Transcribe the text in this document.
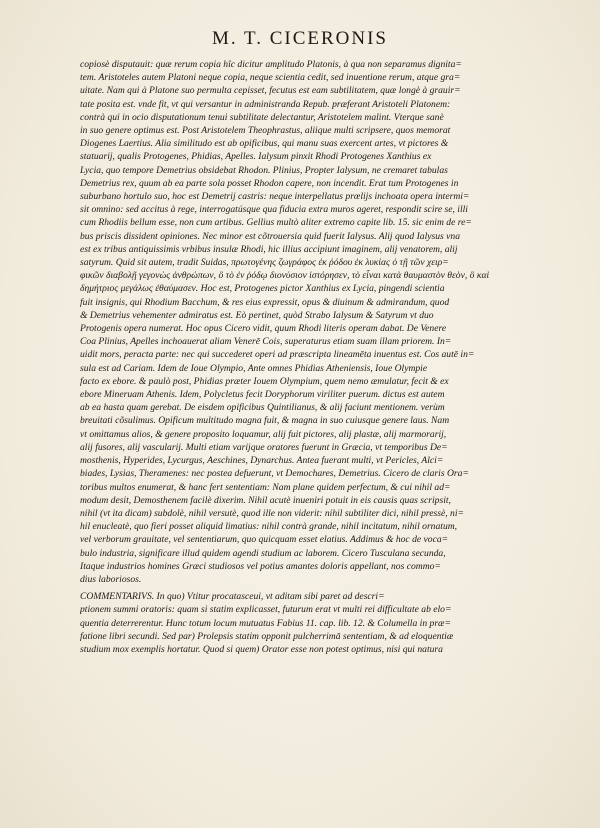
M. T. CICERONIS
copiosè disputauit: quæ rerum copia hîc dicitur amplitudo Platonis, à qua non separamus dignita=
tem. Aristoteles autem Platoni neque copia, neque scientia cedit, sed inuentione rerum, atque gra=
uitate. Nam qui à Platone suo permulta cepisset, fecutus est eam subtilitatem, quæ longè à grauir=
tate posita est. vnde fit, vt qui versantur in administranda Repub. præferant Aristoteli Platonem:
contrà qui in ocio disputationum tenui subtilitate delectantur, Aristotelem malint. Vterque sanè
in suo genere optimus est. Post Aristotelem Theophrastus, aliique multi scripsere, quos memorat
Diogenes Laertius. Alia similitudo est ab opificibus, qui manu suas exercent artes, vt pictores &
statuarij, qualis Protogenes, Phidias, Apelles. Ialysum pinxit Rhodi Protogenes Xanthius ex
Lycia, quo tempore Demetrius obsidebat Rhodon. Plinius, Propter Ialysum, ne cremaret tabulas
Demetrius rex, quum ab ea parte sola posset Rhodon capere, non incendit. Erat tum Protogenes in
suburbano hortulo suo, hoc est Demetrij castris: neque interpellatus prœlijs inchoata opera intermi=
sit omnino: sed accitus à rege, interrogatúsque qua fiducia extra muros ageret, respondit scire se, illi
cum Rhodiis bellum esse, non cum artibus. Gellius multò aliter extremo capite lib. 15. sic enim de re=
bus priscis dissident opiniones. Nec minor est cõtrouersia quid fuerit Ialysus. Alij quod Ialysus vna
est ex tribus antiquissimis vrbibus insulæ Rhodi, hic illius accipiunt imaginem, alij venatorem, alij
satyrum. Quid sit autem, tradit Suidas, πρωτογένης ζωγράφος ἐκ ῥόδου ἐκ λυκίας ὁ τῇ τῶν χειρ=
φικῶν διαβολῇ γεγονὼς ἀνθρώπων, ὃ τὸ ἐν ῥόδῳ διονύσιον ἱστόρησεν, τὸ εἶναι κατὰ θαυμαστὸν θεὸν, ὃ καὶ
δημήτριος μεγάλως ἐθαύμασεν. Hoc est, Protogenes pictor Xanthius ex Lycia, pingendi scientia
fuit insignis, qui Rhodium Bacchum, & res eius expressit, opus & diuinum & admirandum, quod
& Demetrius vehementer admiratus est. Eò pertinet, quòd Strabo Ialysum & Satyrum vt duo
Protogenis opera numerat. Hoc opus Cicero vidit, quum Rhodi literis operam dabat. De Venere
Coa Plinius, Apelles inchoauerat aliam Venerē Cois, superaturus etiam suam illam priorem. In=
uidit mors, peracta parte: nec qui succederet operi ad præscripta lineamēta inuentus est. Cos autē in=
sula est ad Cariam. Idem de Ioue Olympio, Ante omnes Phidias Atheniensis, Ioue Olympie
facto ex ebore. & paulò post, Phidias præter Iouem Olympium, quem nemo æmulatur, fecit & ex
ebore Mineruam Athenis. Idem, Polycletus fecit Doryphorum viriliter puerum. dictus est autem
ab ea hasta quam gerebat. De eisdem opificibus Quintilianus, & alij faciunt mentionem. verùm
breuitati cõsulimus. Opificum multitudo magna fuit, & magna in suo cuiusque genere laus. Nam
vt omittamus alios, & genere proposito loquamur, alij fuit pictores, alij plastæ, alij marmorarij,
alij fusores, alij vascularij. Multi etiam varijque oratores fuerunt in Græcia, vt temporibus De=
mosthenis, Hyperides, Lycurgus, Aeschines, Dynarchus. Antea fuerant multi, vt Pericles, Alci=
biades, Lysias, Theramenes: nec postea defuerunt, vt Demochares, Demetrius. Cicero de claris Ora=
toribus multos enumerat, & hanc fert sententiam: Nam plane quidem perfectum, & cui nihil ad=
modum desit, Demosthenem facilè dixerim. Nihil acutè inueniri potuit in eis causis quas scripsit,
nihil (vt ita dicam) subdolè, nihil versutè, quod ille non viderit: nihil subtiliter dici, nihil pressè, ni=
hil enucleatè, quo fieri posset aliquid limatius: nihil contrà grande, nihil incitatum, nihil ornatum,
vel verborum grauitate, vel sententiarum, quo quicquam esset elatius. Addimus & hoc de voca=
bulo industria, significare illud quidem agendi studium ac laborem. Cicero Tusculana secunda,
Itaque industrios homines Græci studiosos vel potius amantes doloris appellant, nos commo=
dius laboriosos.
COMMENTARIVS. In quo) Vtitur procatasceui, vt aditam sibi paret ad descri=
ptionem summi oratoris: quam si statim explicasset, futurum erat vt multi rei difficultate ab elo=
quentia deterrerentur. Hunc totum locum mutuatus Fabius 11. cap. lib. 12. & Columella in præ=
fatione libri secundi. Sed par) Prolepsis statim opponit pulcherrimā sententiam, & ad eloquentiæ
studium mox exemplis hortatur. Quod si quem) Orator esse non potest optimus, nisi qui natura
